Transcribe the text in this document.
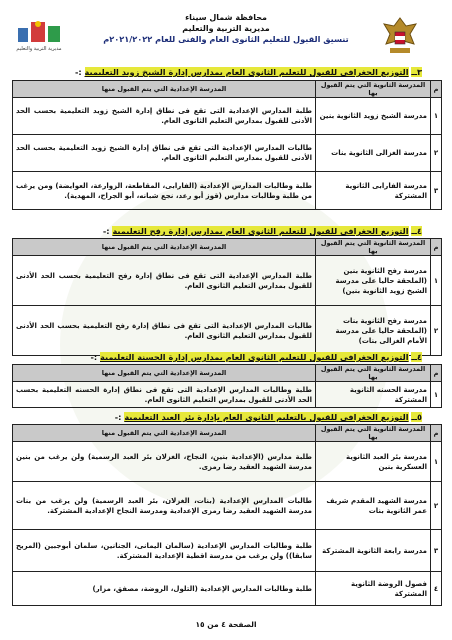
محافظة شمال سيناء
مديرية التربية والتعليم
تنسيق القبول للتعليم الثانوى العام والفنى للعام ٢٠٢١/٢٠٢٢م
مديرية التربية والتعليم
٣ــ التوزيع الجغرافى للقبول للتعليم الثانوى العام بمدارس إدارة الشيخ زويد التعليمية :-
م	المدرسة الثانوية التي يتم القبول بها	المدرسة الإعدادية التي يتم القبول منها
١	مدرسة الشيخ زويد الثانوية بنين	طلبة المدارس الإعدادية التى تقع فى نطاق إدارة الشيخ زويد التعليمية بحسب الحد الأدنى للقبول بمدارس التعليم الثانوى العام.
٢	مدرسة الغزالى الثانوية بنات	طالبات المدارس الإعدادية التى تقع فى نطاق إدارة الشيخ زويد التعليمية بحسب الحد الأدنى للقبول بمدارس التعليم الثانوى العام.
٣	مدرسة الفارابى الثانوية المشتركة	طلبة وطالبات المدارس الإعدادية (الفارابى، المقاطعة، الزوارعة، العوايضة) ومن يرغب من طلبة وطالبات مدارس (قوز أبو رعد، نجع شبانه، أبو الجراح، المهدية).
٤ــ التوزيع الجغرافى للقبول للتعليم الثانوى العام بمدارس إدارة رفح التعليمية :-
م	المدرسة الثانوية التي يتم القبول بها	المدرسة الإعدادية التي يتم القبول منها
١	مدرسة رفح الثانوية بنين (الملحقة حاليا على مدرسة الشيخ زويد الثانوية بنين)	طلبة المدارس الإعدادية التى تقع فى نطاق إدارة رفح التعليمية بحسب الحد الأدنى للقبول بمدارس التعليم الثانوى العام.
٢	مدرسة رفح الثانوية بنات (الملحقة حاليا على مدرسة الأمام الغزالى بنات)	طالبات المدارس الإعدادية التى تقع فى نطاق إدارة رفح التعليمية بحسب الحد الأدنى للقبول بمدارس التعليم الثانوى العام.
٤ــ التوزيع الجغرافى للقبول للتعليم الثانوى العام بمدارس إدارة الحسنة التعليمية :-
م	المدرسة الثانوية التي يتم القبول بها	المدرسة الإعدادية التي يتم القبول منها
١	مدرسة الحسنه الثانوية المشتركة	طلبة وطالبات المدارس الإعدادية التى تقع فى نطاق إدارة الحسنه التعليمية بحسب الحد الأدنى للقبول بمدارس التعليم الثانوى العام.
٥ــ التوزيع الجغرافى للقبول بالتعليم الثانوى العام بإدارة بئر العبد التعليمية :-
م	المدرسة الثانوية التي يتم القبول بها	المدرسة الإعدادية التي يتم القبول منها
١	مدرسة بئر العبد الثانوية العسكرية بنين	طلبة مدارس (الإعدادية بنين، النجاح، الغزلان بئر العبد الرسمية) ولن يرغب من بنين مدرسة الشهيد العقيد رضا رمزى.
٢	مدرسة الشهيد المقدم شريف عمر الثانوية بنات	طالبات المدارس الإعدادية (بنات، الغزلان، بئر العبد الرسمية) ولن يرغب من بنات مدرسة الشهيد العقيد رضا رمزى الإعدادية ومدرسة النجاح الإعدادية المشتركة.
٣	مدرسة رابعة الثانوية المشتركة	طلبة وطالبات المدارس الإعدادية (سالمان اليمانى، الجنانين، سلمان أبوجبين (المريح سابقا)) ولن يرغب من مدرسة اقطية الإعدادية المشتركة.
٤	فصول الروضة الثانوية المشتركة	طلبة وطالبات المدارس الإعدادية (التلول، الروضة، مصفق، مزار)
الصفحة ٤ من ١٥
